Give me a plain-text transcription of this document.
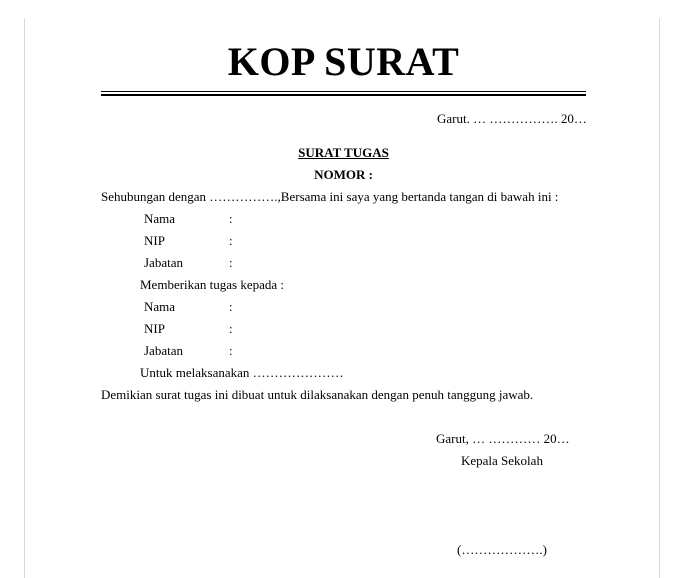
KOP SURAT
Garut. … ……………. 20…
SURAT TUGAS
NOMOR :
Sehubungan dengan …………….,Bersama ini saya yang bertanda tangan di bawah ini :
Nama	:
NIP	:
Jabatan	:
Memberikan tugas kepada :
Nama	:
NIP	:
Jabatan	:
Untuk melaksanakan …………………
Demikian surat tugas ini dibuat untuk dilaksanakan dengan penuh tanggung jawab.
Garut, … ………… 20…
Kepala Sekolah
(……………….)
